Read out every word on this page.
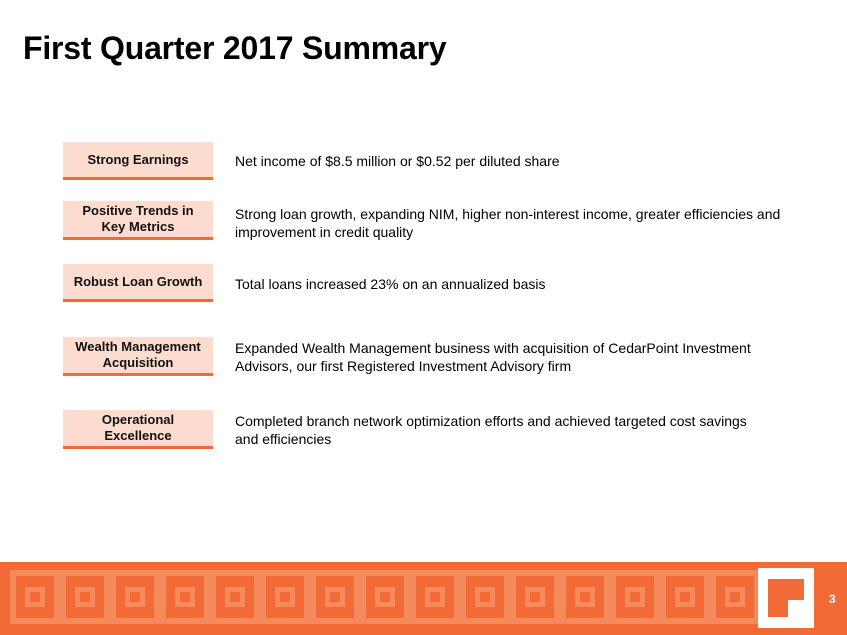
First Quarter 2017 Summary
Strong Earnings	Net income of $8.5 million or $0.52 per diluted share
Positive Trends in
Key Metrics
Strong loan growth, expanding NIM, higher non-interest income, greater efficiencies and
improvement in credit quality
Robust Loan Growth Total loans increased 23% on an annualized basis
Wealth Management
Acquisition
Expanded Wealth Management business with acquisition of CedarPoint Investment
Advisors, our first Registered Investment Advisory firm
Operational
Excellence
Completed branch network optimization efforts and achieved targeted cost savings
and efficiencies
3
